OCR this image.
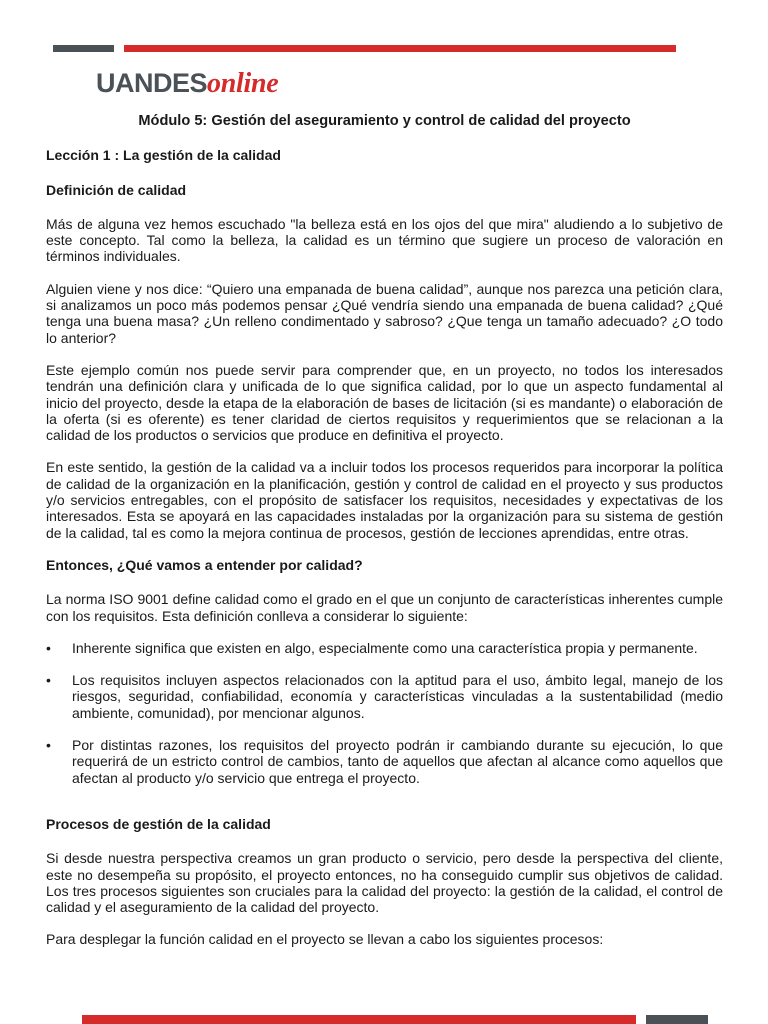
UANDES online
Módulo 5: Gestión del aseguramiento y control de calidad del proyecto
Lección 1 : La gestión de la calidad
Definición de calidad

Más de alguna vez hemos escuchado "la belleza está en los ojos del que mira" aludiendo a lo subjetivo de este concepto. Tal como la belleza, la calidad es un término que sugiere un proceso de valoración en términos individuales.

Alguien viene y nos dice: “Quiero una empanada de buena calidad”, aunque nos parezca una petición clara, si analizamos un poco más podemos pensar ¿Qué vendría siendo una empanada de buena calidad? ¿Qué tenga una buena masa? ¿Un relleno condimentado y sabroso? ¿Que tenga un tamaño adecuado? ¿O todo lo anterior?

Este ejemplo común nos puede servir para comprender que, en un proyecto, no todos los interesados tendrán una definición clara y unificada de lo que significa calidad, por lo que un aspecto fundamental al inicio del proyecto, desde la etapa de la elaboración de bases de licitación (si es mandante) o elaboración de la oferta (si es oferente) es tener claridad de ciertos requisitos y requerimientos que se relacionan a la calidad de los productos o servicios que produce en definitiva el proyecto.

En este sentido, la gestión de la calidad va a incluir todos los procesos requeridos para incorporar la política de calidad de la organización en la planificación, gestión y control de calidad en el proyecto y sus productos y/o servicios entregables, con el propósito de satisfacer los requisitos, necesidades y expectativas de los interesados. Esta se apoyará en las capacidades instaladas por la organización para su sistema de gestión de la calidad, tal es como la mejora continua de procesos, gestión de lecciones aprendidas, entre otras.

Entonces, ¿Qué vamos a entender por calidad?

La norma ISO 9001 define calidad como el grado en el que un conjunto de características inherentes cumple con los requisitos. Esta definición conlleva a considerar lo siguiente:

• Inherente significa que existen en algo, especialmente como una característica propia y permanente.
• Los requisitos incluyen aspectos relacionados con la aptitud para el uso, ámbito legal, manejo de los riesgos, seguridad, confiabilidad, economía y características vinculadas a la sustentabilidad (medio ambiente, comunidad), por mencionar algunos.
• Por distintas razones, los requisitos del proyecto podrán ir cambiando durante su ejecución, lo que requerirá de un estricto control de cambios, tanto de aquellos que afectan al alcance como aquellos que afectan al producto y/o servicio que entrega el proyecto.
Procesos de gestión de la calidad

Si desde nuestra perspectiva creamos un gran producto o servicio, pero desde la perspectiva del cliente, este no desempeña su propósito, el proyecto entonces, no ha conseguido cumplir sus objetivos de calidad. Los tres procesos siguientes son cruciales para la calidad del proyecto: la gestión de la calidad, el control de calidad y el aseguramiento de la calidad del proyecto.

Para desplegar la función calidad en el proyecto se llevan a cabo los siguientes procesos:
